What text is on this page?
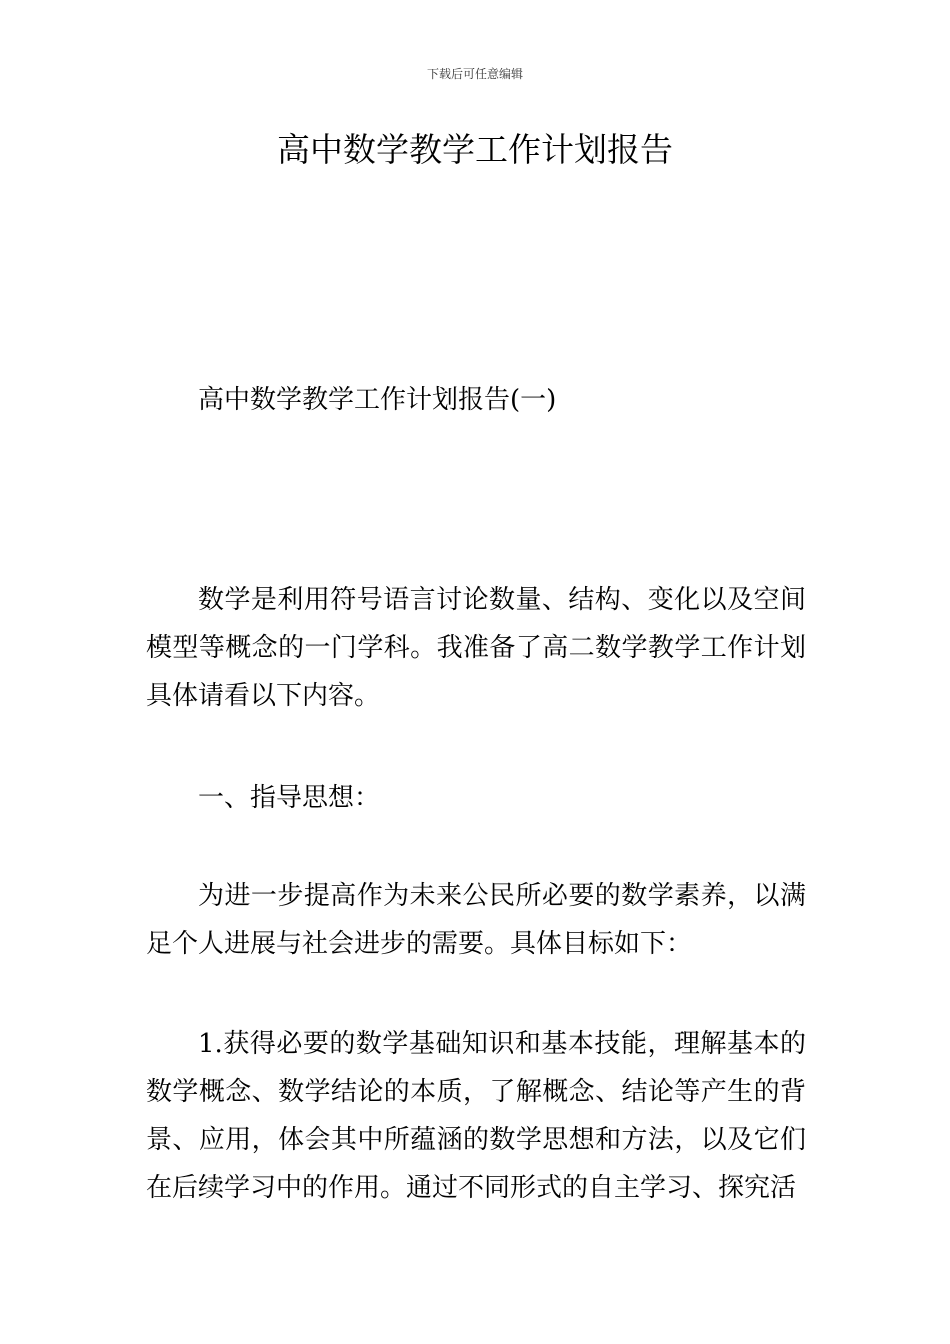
下载后可任意编辑
高中数学教学工作计划报告

高中数学教学工作计划报告(一)

数学是利用符号语言讨论数量、结构、变化以及空间模型等概念的一门学科。我准备了高二数学教学工作计划具体请看以下内容。

一、指导思想：

为进一步提高作为未来公民所必要的数学素养，以满足个人进展与社会进步的需要。具体目标如下：

1.获得必要的数学基础知识和基本技能，理解基本的数学概念、数学结论的本质，了解概念、结论等产生的背景、应用，体会其中所蕴涵的数学思想和方法，以及它们在后续学习中的作用。通过不同形式的自主学习、探究活
